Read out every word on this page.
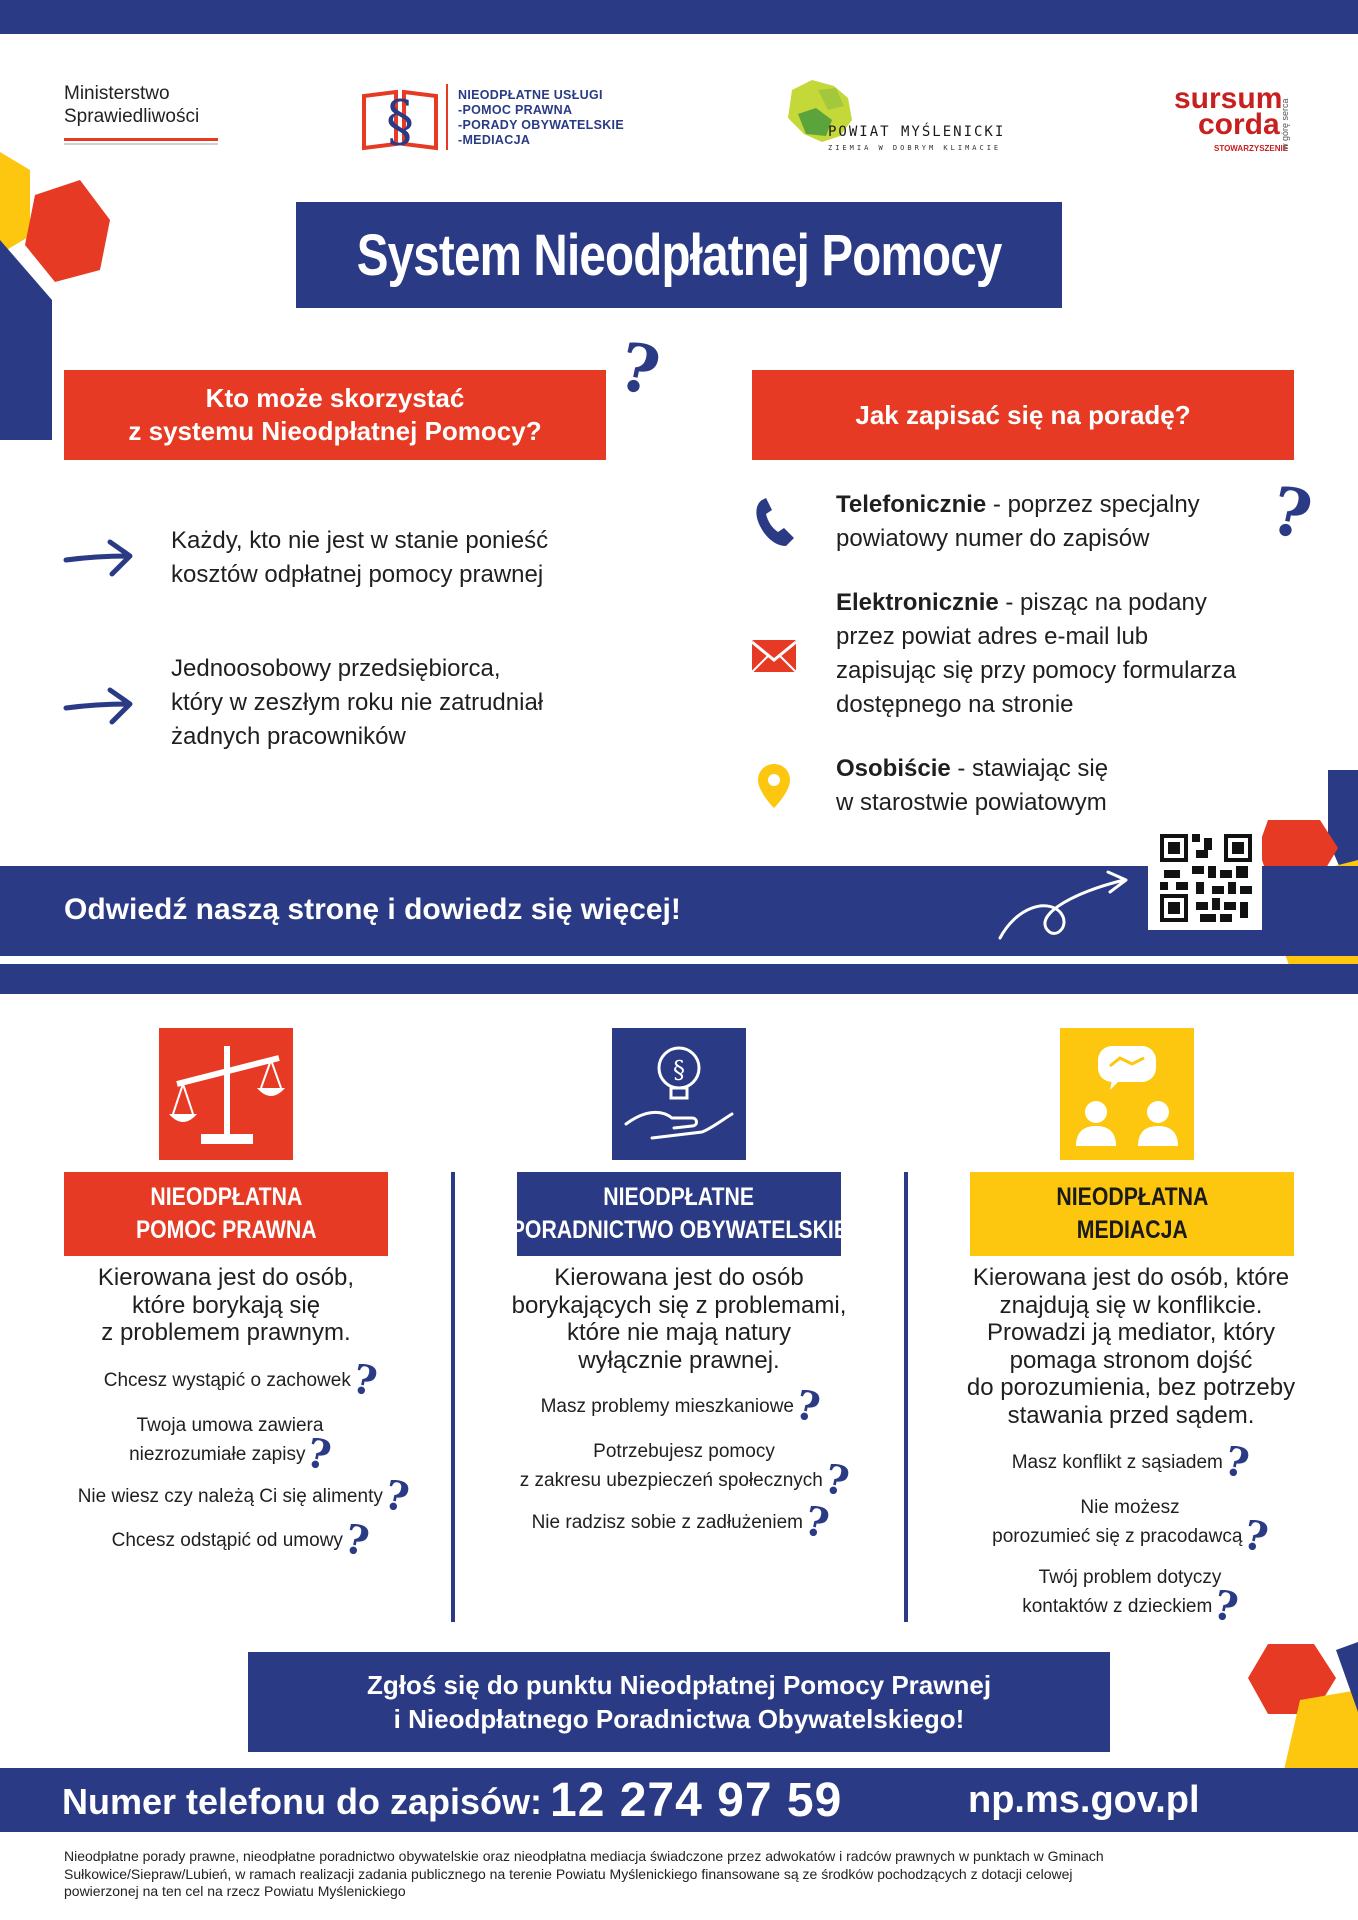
Ministerstwo
Sprawiedliwości	§	NIEODPŁATNE USŁUGI
-POMOC PRAWNA
-PORADY OBYWATELSKIE
-MEDIACJA	POWIAT MYŚLENICKI
ZIEMIA W DOBRYM KLIMACIE
sursum
corda
STOWARZYSZENIE
w górę serca
System Nieodpłatnej Pomocy
Kto może skorzystać
z systemu Nieodpłatnej Pomocy?
?
Każdy, kto nie jest w stanie ponieść
kosztów odpłatnej pomocy prawnej
Jednoosobowy przedsiębiorca,
który w zeszłym roku nie zatrudniał
żadnych pracowników
Jak zapisać się na poradę?
Telefonicznie - poprzez specjalny
powiatowy numer do zapisów	?
Elektronicznie - pisząc na podany
przez powiat adres e-mail lub
zapisując się przy pomocy formularza
dostępnego na stronie
Osobiście - stawiając się
w starostwie powiatowym
Odwiedź naszą stronę i dowiedz się więcej!
§
NIEODPŁATNA
POMOC PRAWNA
NIEODPŁATNE
PORADNICTWO OBYWATELSKIE
NIEODPŁATNA
MEDIACJA
Kierowana jest do osób,
które borykają się
z problemem prawnym.
Chcesz wystąpić o zachowek?
Twoja umowa zawiera
niezrozumiałe zapisy?
Nie wiesz czy należą Ci się alimenty?
Chcesz odstąpić od umowy?
Kierowana jest do osób
borykających się z problemami,
które nie mają natury
wyłącznie prawnej.
Masz problemy mieszkaniowe?
Potrzebujesz pomocy
z zakresu ubezpieczeń społecznych?
Nie radzisz sobie z zadłużeniem?
Kierowana jest do osób, które
znajdują się w konflikcie.
Prowadzi ją mediator, który
pomaga stronom dojść
do porozumienia, bez potrzeby
stawania przed sądem.
Masz konflikt z sąsiadem?
Nie możesz
porozumieć się z pracodawcą?
Twój problem dotyczy
kontaktów z dzieckiem?
Zgłoś się do punktu Nieodpłatnej Pomocy Prawnej
i Nieodpłatnego Poradnictwa Obywatelskiego!
Numer telefonu do zapisów: 12 274 97 59	np.ms.gov.pl
Nieodpłatne porady prawne, nieodpłatne poradnictwo obywatelskie oraz nieodpłatna mediacja świadczone przez adwokatów i radców prawnych w punktach w Gminach
Sułkowice/Siepraw/Lubień, w ramach realizacji zadania publicznego na terenie Powiatu Myślenickiego finansowane są ze środków pochodzących z dotacji celowej
powierzonej na ten cel na rzecz Powiatu Myślenickiego
